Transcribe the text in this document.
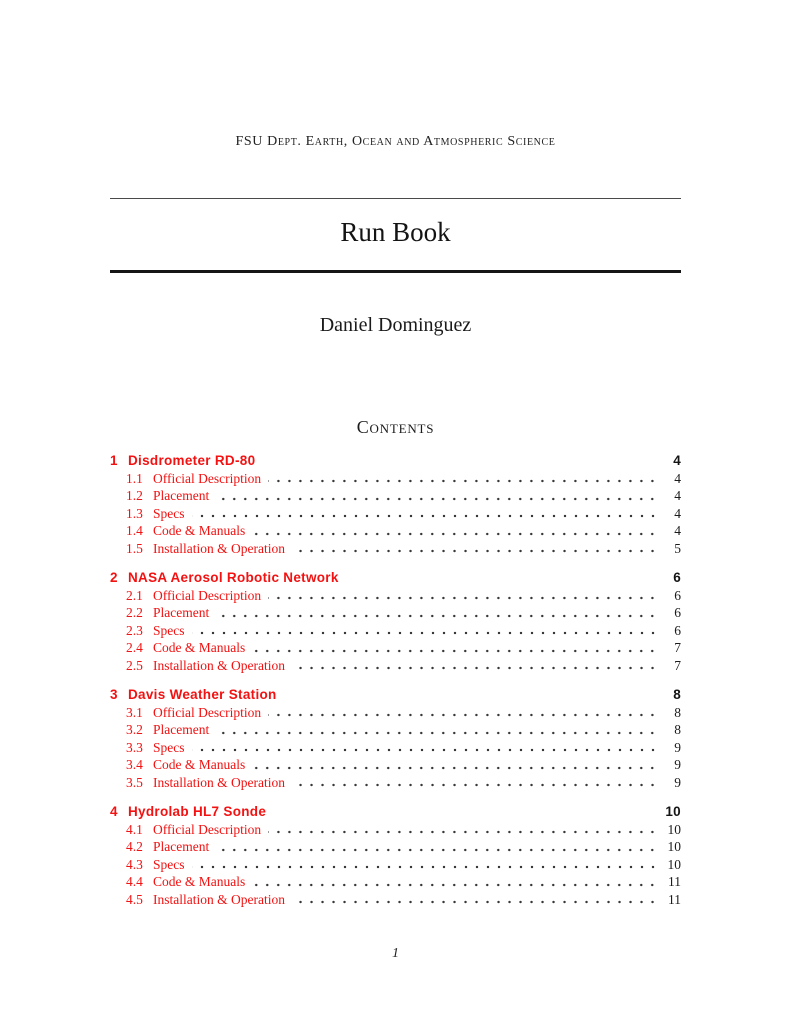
FSU Dept. Earth, Ocean and Atmospheric Science
Run Book
Daniel Dominguez
Contents
1 Disdrometer RD-80	4
1.1 Official Description	4
1.2 Placement	4
1.3 Specs	4
1.4 Code & Manuals	4
1.5 Installation & Operation	5
2 NASA Aerosol Robotic Network	6
2.1 Official Description	6
2.2 Placement	6
2.3 Specs	6
2.4 Code & Manuals	7
2.5 Installation & Operation	7
3 Davis Weather Station	8
3.1 Official Description	8
3.2 Placement	8
3.3 Specs	9
3.4 Code & Manuals	9
3.5 Installation & Operation	9
4 Hydrolab HL7 Sonde	10
4.1 Official Description	10
4.2 Placement	10
4.3 Specs	10
4.4 Code & Manuals	11
4.5 Installation & Operation	11
1
